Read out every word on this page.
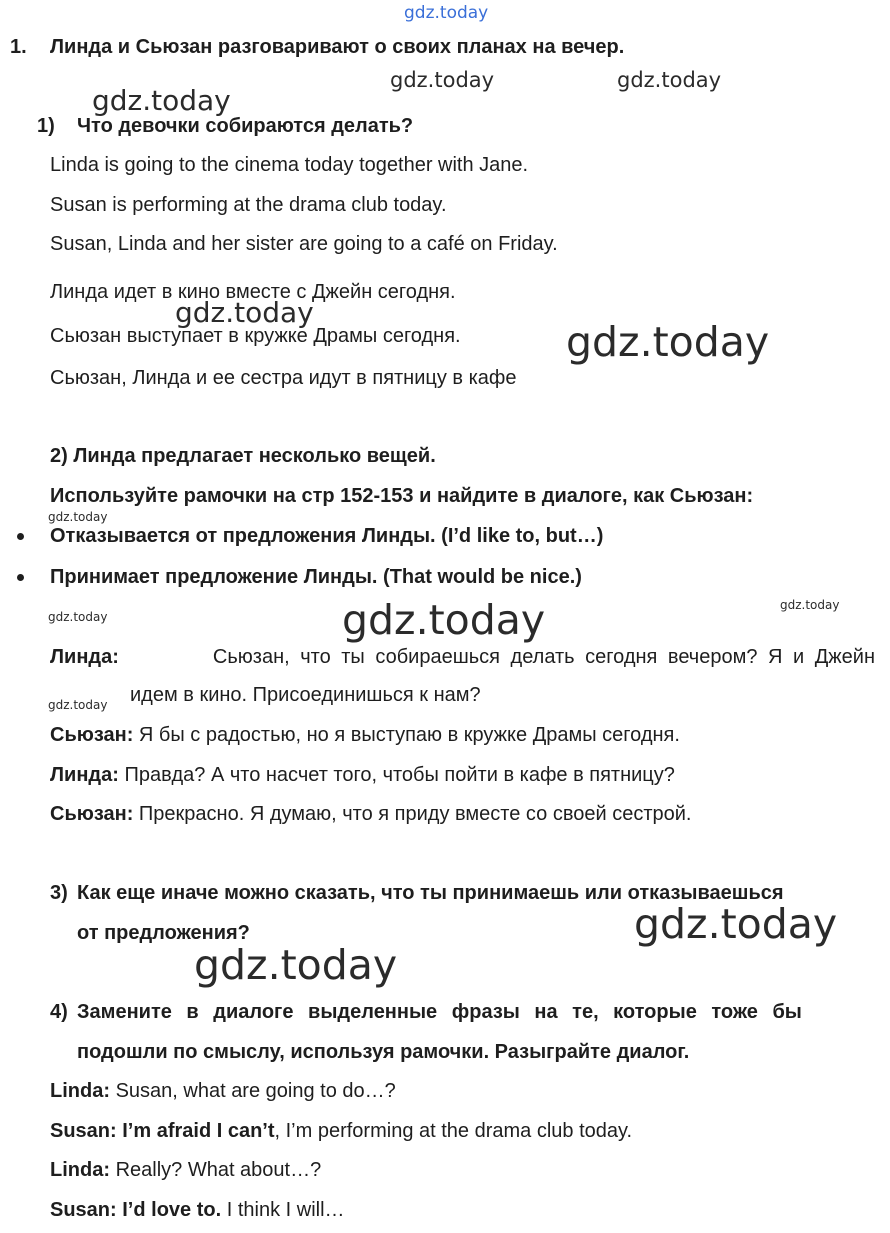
gdz.today
gdz.today	gdz.today
gdz.today
gdz.today
gdz.today
gdz.today
gdz.today	gdz.today
gdz.today
gdz.today
gdz.today
gdz.today
1. Линда и Сьюзан разговаривают о своих планах на вечер.
1) Что девочки собираются делать?
Linda is going to the cinema today together with Jane.
Susan is performing at the drama club today.
Susan, Linda and her sister are going to a café on Friday.
Линда идет в кино вместе с Джейн сегодня.
Сьюзан выступает в кружке Драмы сегодня.
Сьюзан, Линда и ее сестра идут в пятницу в кафе
2) Линда предлагает несколько вещей.
Используйте рамочки на стр 152-153 и найдите в диалоге, как Сьюзан:
Отказывается от предложения Линды. (I’d like to, but…)
Принимает предложение Линды. (That would be nice.)
Линда:	Сьюзан, что ты собираешься делать сегодня вечером? Я и Джейн
идем в кино. Присоединишься к нам?
Сьюзан: Я бы с радостью, но я выступаю в кружке Драмы сегодня.
Линда: Правда? А что насчет того, чтобы пойти в кафе в пятницу?
Сьюзан: Прекрасно. Я думаю, что я приду вместе со своей сестрой.
3) Как еще иначе можно сказать, что ты принимаешь или отказываешься
от предложения?
4) Замените в диалоге выделенные фразы на те, которые тоже бы
подошли по смыслу, используя рамочки. Разыграйте диалог.
Linda: Susan, what are going to do…?
Susan: I’m afraid I can’t, I’m performing at the drama club today.
Linda: Really? What about…?
Susan: I’d love to. I think I will…
